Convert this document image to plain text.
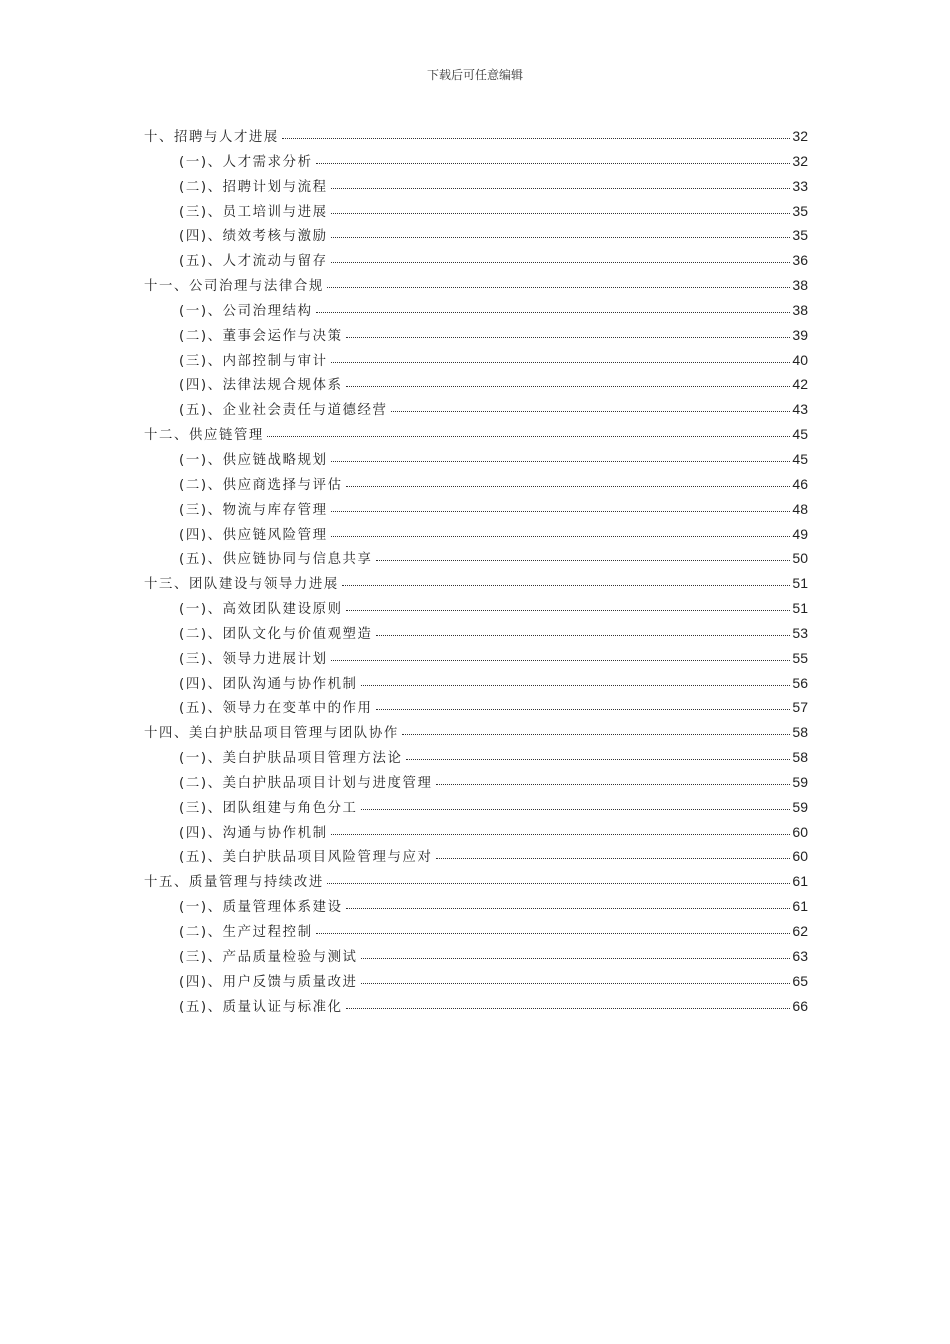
下载后可任意编辑
十、招聘与人才进展	32
(一)、人才需求分析	32
(二)、招聘计划与流程	33
(三)、员工培训与进展	35
(四)、绩效考核与激励	35
(五)、人才流动与留存	36
十一、公司治理与法律合规	38
(一)、公司治理结构	38
(二)、董事会运作与决策	39
(三)、内部控制与审计	40
(四)、法律法规合规体系	42
(五)、企业社会责任与道德经营	43
十二、供应链管理	45
(一)、供应链战略规划	45
(二)、供应商选择与评估	46
(三)、物流与库存管理	48
(四)、供应链风险管理	49
(五)、供应链协同与信息共享	50
十三、团队建设与领导力进展	51
(一)、高效团队建设原则	51
(二)、团队文化与价值观塑造	53
(三)、领导力进展计划	55
(四)、团队沟通与协作机制	56
(五)、领导力在变革中的作用	57
十四、美白护肤品项目管理与团队协作	58
(一)、美白护肤品项目管理方法论	58
(二)、美白护肤品项目计划与进度管理	59
(三)、团队组建与角色分工	59
(四)、沟通与协作机制	60
(五)、美白护肤品项目风险管理与应对	60
十五、质量管理与持续改进	61
(一)、质量管理体系建设	61
(二)、生产过程控制	62
(三)、产品质量检验与测试	63
(四)、用户反馈与质量改进	65
(五)、质量认证与标准化	66
